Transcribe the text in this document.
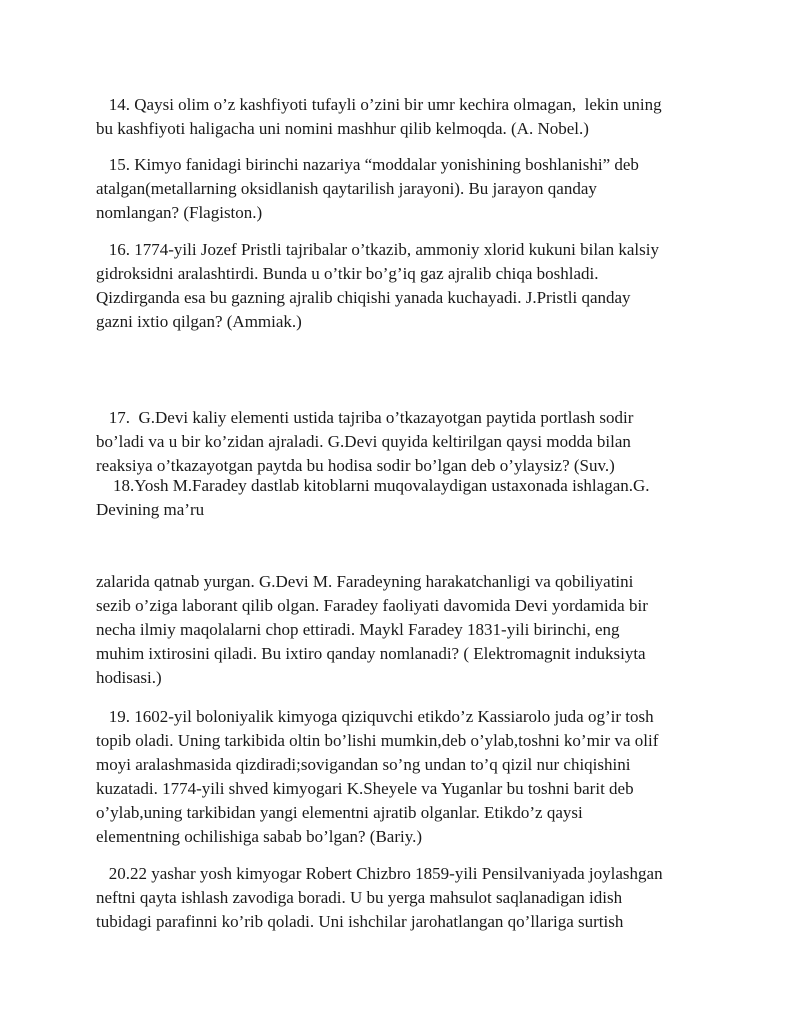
14. Qaysi olim o’z kashfiyoti tufayli o’zini bir umr kechira olmagan,  lekin uning
bu kashfiyoti haligacha uni nomini mashhur qilib kelmoqda. (A. Nobel.)

15. Kimyo fanidagi birinchi nazariya “moddalar yonishining boshlanishi” deb
atalgan(metallarning oksidlanish qaytarilish jarayoni). Bu jarayon qanday
nomlangan? (Flagiston.)

16. 1774-yili Jozef Pristli tajribalar o’tkazib, ammoniy xlorid kukuni bilan kalsiy
gidroksidni aralashtirdi. Bunda u o’tkir bo’g’iq gaz ajralib chiqa boshladi.
Qizdirganda esa bu gazning ajralib chiqishi yanada kuchayadi. J.Pristli qanday
gazni ixtio qilgan? (Ammiak.)

17.  G.Devi kaliy elementi ustida tajriba o’tkazayotgan paytida portlash sodir
bo’ladi va u bir ko’zidan ajraladi. G.Devi quyida keltirilgan qaysi modda bilan
reaksiya o’tkazayotgan paytda bu hodisa sodir bo’lgan deb o’ylaysiz? (Suv.)

18.Yosh M.Faradey dastlab kitoblarni muqovalaydigan ustaxonada ishlagan.G.
Devining ma’ru

zalarida qatnab yurgan. G.Devi M. Faradeyning harakatchanligi va qobiliyatini
sezib o’ziga laborant qilib olgan. Faradey faoliyati davomida Devi yordamida bir
necha ilmiy maqolalarni chop ettiradi. Maykl Faradey 1831-yili birinchi, eng
muhim ixtirosini qiladi. Bu ixtiro qanday nomlanadi? ( Elektromagnit induksiyta
hodisasi.)

19. 1602-yil boloniyalik kimyoga qiziquvchi etikdo’z Kassiarolo juda og’ir tosh
topib oladi. Uning tarkibida oltin bo’lishi mumkin,deb o’ylab,toshni ko’mir va olif
moyi aralashmasida qizdiradi;sovigandan so’ng undan to’q qizil nur chiqishini
kuzatadi. 1774-yili shved kimyogari K.Sheyele va Yuganlar bu toshni barit deb
o’ylab,uning tarkibidan yangi elementni ajratib olganlar. Etikdo’z qaysi
elementning ochilishiga sabab bo’lgan? (Bariy.)

20.22 yashar yosh kimyogar Robert Chizbro 1859-yili Pensilvaniyada joylashgan
neftni qayta ishlash zavodiga boradi. U bu yerga mahsulot saqlanadigan idish
tubidagi parafinni ko’rib qoladi. Uni ishchilar jarohatlangan qo’llariga surtish
